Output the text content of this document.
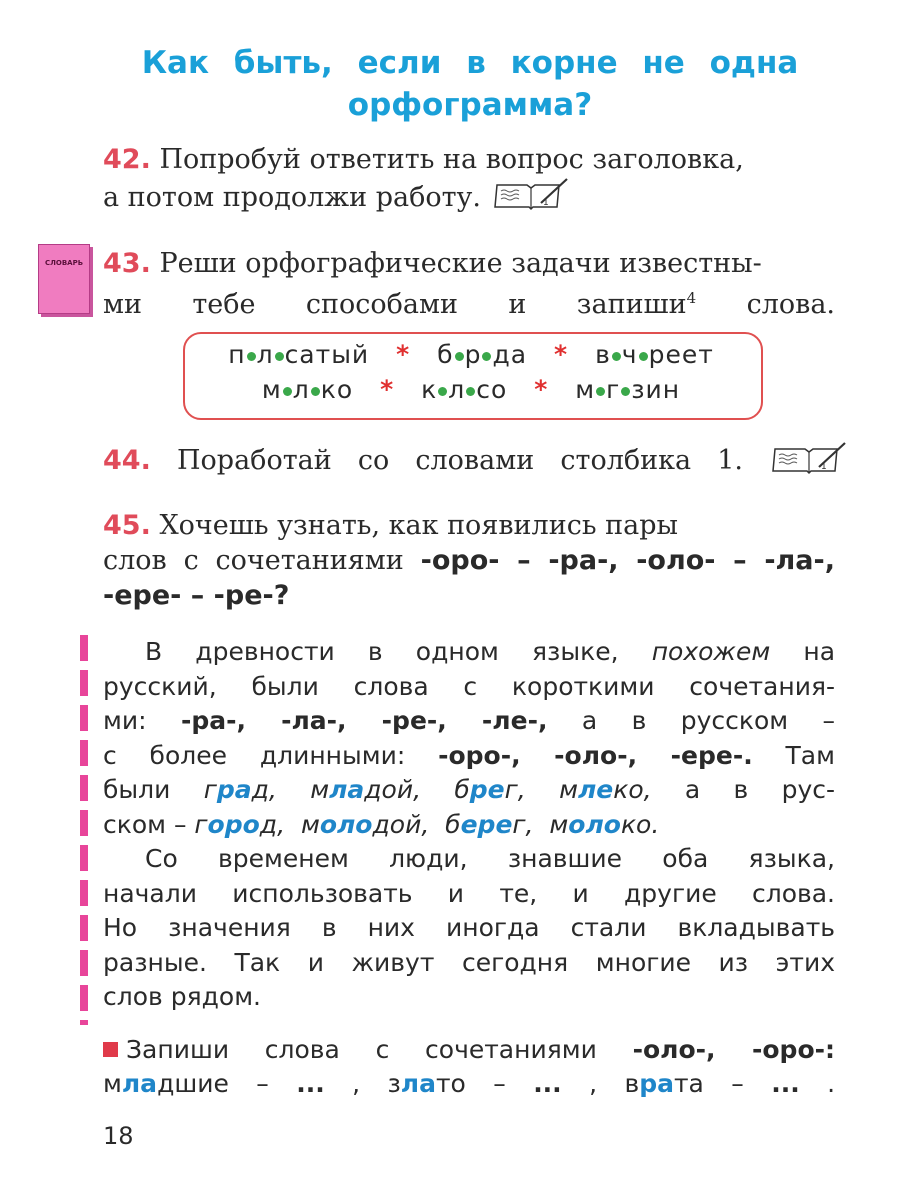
Как быть, если в корне не одна
орфограмма?
42. Попробуй ответить на вопрос заголовка,
а потом продолжи работу.	1
СЛОВАРЬ 43. Реши орфографические задачи известны-
ми тебе способами и запиши$^4$ слова.
п л сатый * б р да * в ч реет
м л ко * к л со * м г зин
44. Поработай со словами столбика 1.	1
45. Хочешь узнать, как появились пары
слов с сочетаниями -оро- – -ра-, -оло- – -ла-,
-ере- – -ре-?
В древности в одном языке, похожем на
русский, были слова с короткими сочетания-
ми: -ра-, -ла-, -ре-, -ле-, а в русском –
с более длинными: -оро-, -оло-, -ере-. Там
были град, младой, брег, млеко, а в рус-
ском – город, молодой, берег, молоко.
Со временем люди, знавшие оба языка,
начали использовать и те, и другие слова.
Но значения в них иногда стали вкладывать
разные. Так и живут сегодня многие из этих
слов рядом.
Запиши слова с сочетаниями -оло-, -оро-:
младшие – ... , злато – ... , врата – ... .
18
